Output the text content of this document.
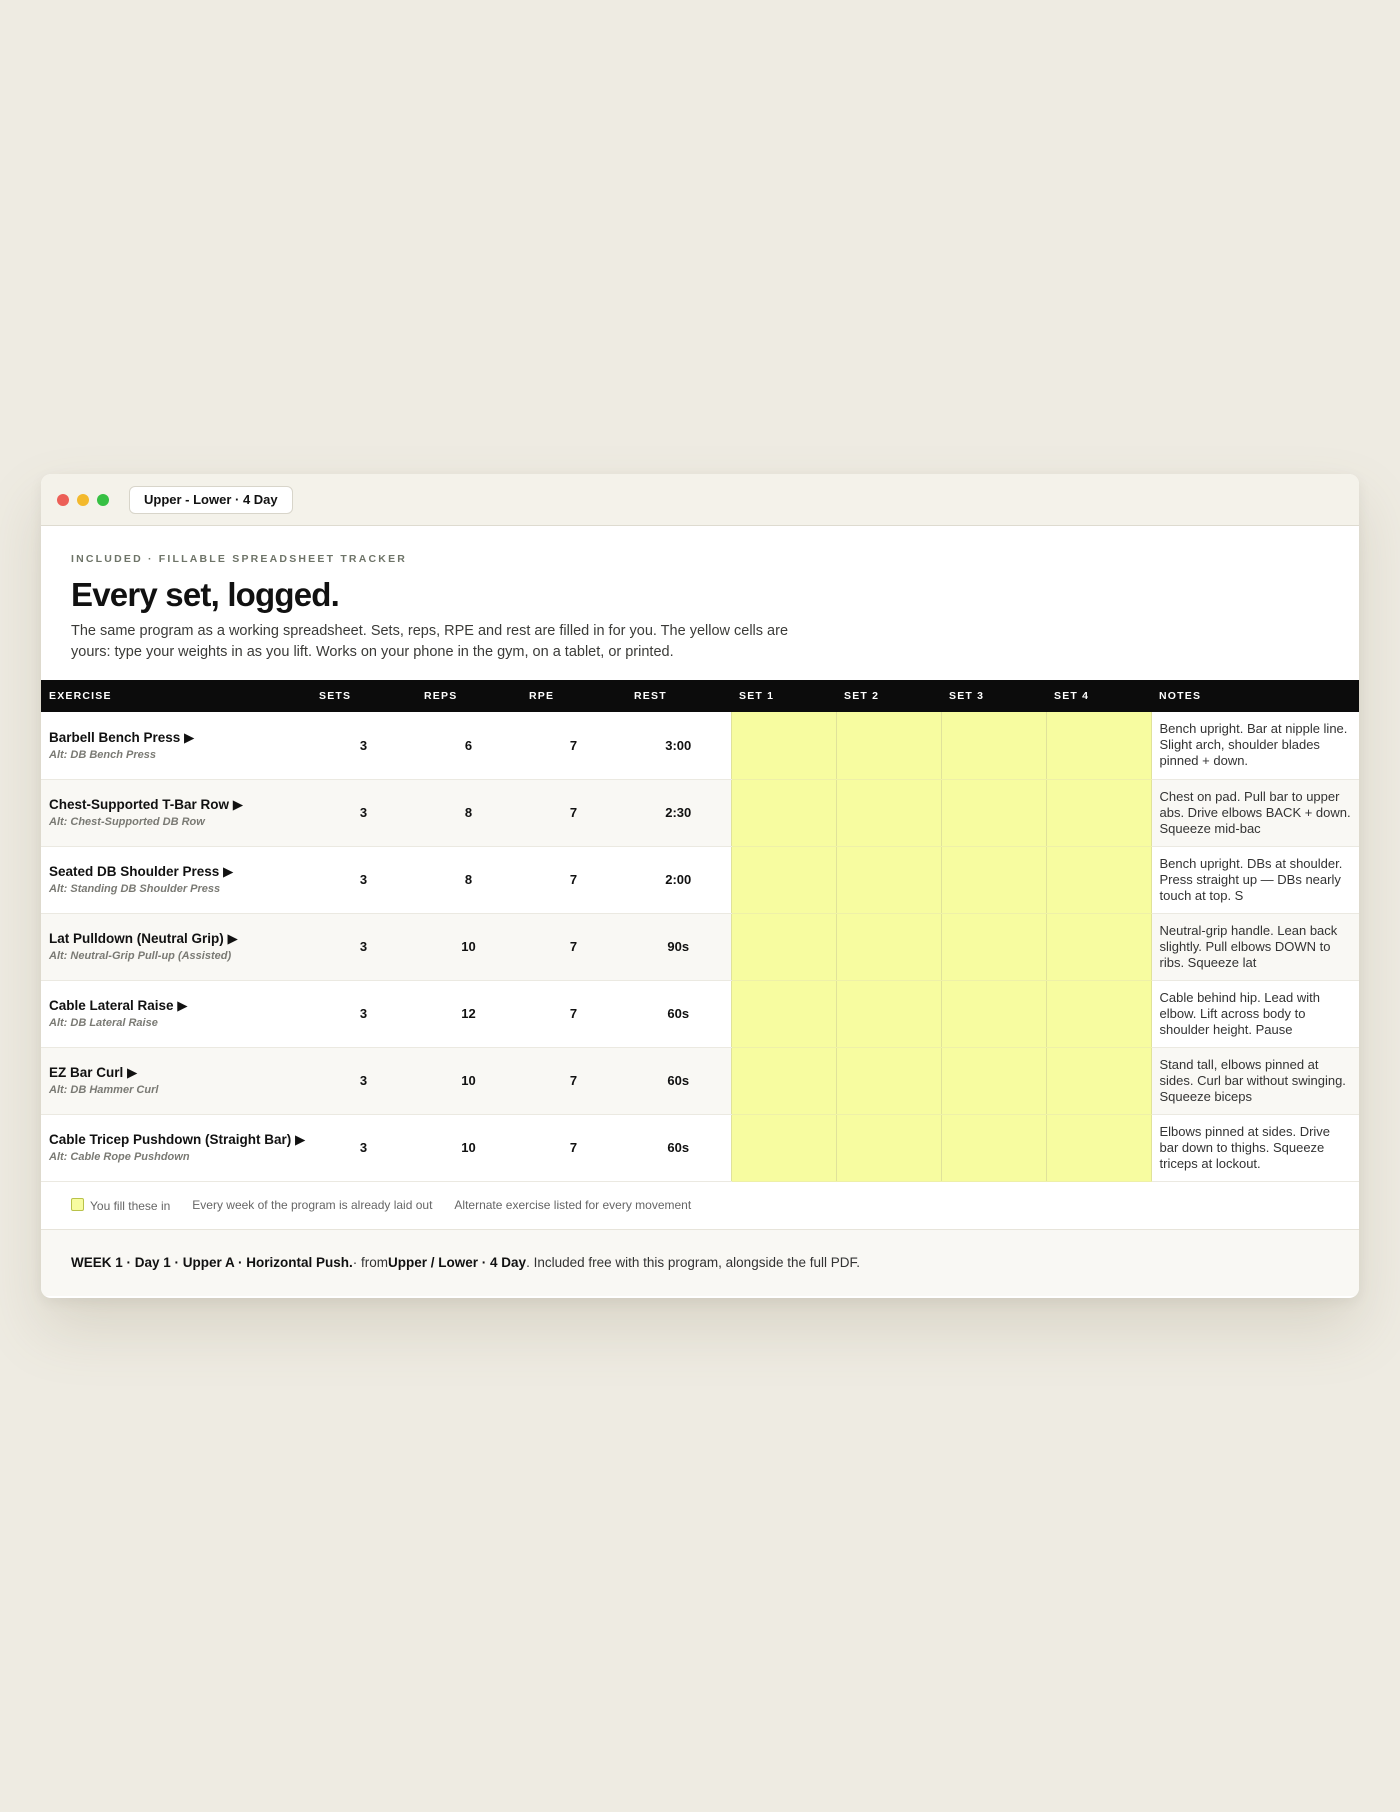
Upper - Lower · 4 Day
INCLUDED · FILLABLE SPREADSHEET TRACKER
Every set, logged.
The same program as a working spreadsheet. Sets, reps, RPE and rest are filled in for you. The yellow cells are yours: type your weights in as you lift. Works on your phone in the gym, on a tablet, or printed.
EXERCISE	SETS	REPS	RPE	REST	SET 1	SET 2	SET 3	SET 4	NOTES

Barbell Bench Press ▶
Alt: DB Bench Press	3	6	7	3:00					Bench upright. Bar at nipple line. Slight arch, shoulder blades pinned + down.

Chest-Supported T-Bar Row ▶
Alt: Chest-Supported DB Row	3	8	7	2:30					Chest on pad. Pull bar to upper abs. Drive elbows BACK + down. Squeeze mid-bac

Seated DB Shoulder Press ▶
Alt: Standing DB Shoulder Press	3	8	7	2:00					Bench upright. DBs at shoulder. Press straight up — DBs nearly touch at top. S

Lat Pulldown (Neutral Grip) ▶
Alt: Neutral-Grip Pull-up (Assisted)	3	10	7	90s					Neutral-grip handle. Lean back slightly. Pull elbows DOWN to ribs. Squeeze lat

Cable Lateral Raise ▶
Alt: DB Lateral Raise	3	12	7	60s					Cable behind hip. Lead with elbow. Lift across body to shoulder height. Pause

EZ Bar Curl ▶
Alt: DB Hammer Curl	3	10	7	60s					Stand tall, elbows pinned at sides. Curl bar without swinging. Squeeze biceps

Cable Tricep Pushdown (Straight Bar) ▶
Alt: Cable Rope Pushdown	3	10	7	60s					Elbows pinned at sides. Drive bar down to thighs. Squeeze triceps at lockout.
You fill these in Every week of the program is already laid out Alternate exercise listed for every movement
WEEK 1 · Day 1 · Upper A · Horizontal Push. · from Upper / Lower · 4 Day . Included free with this program, alongside the full PDF.
